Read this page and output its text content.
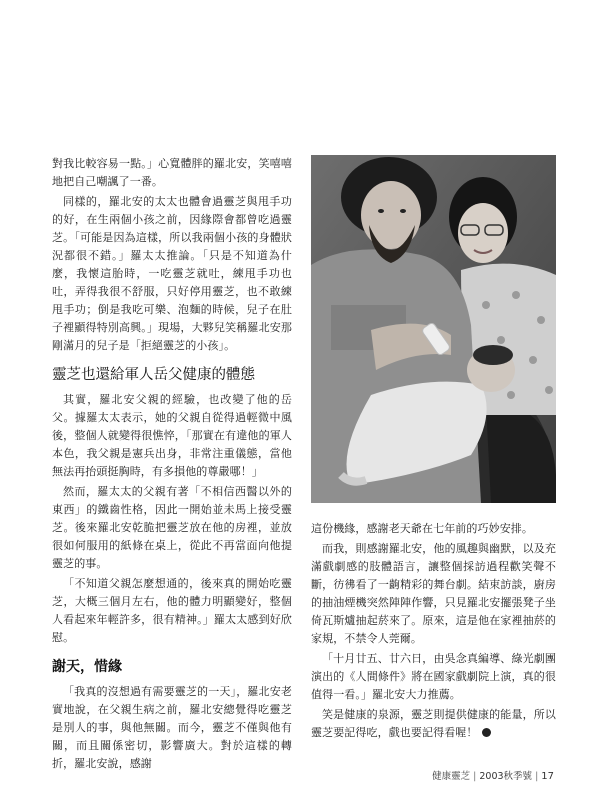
對我比較容易一點。」心寬體胖的羅北安，笑嘻嘻地把自己嘲諷了一番。

同樣的，羅北安的太太也體會過靈芝與甩手功的好，在生兩個小孩之前，因緣際會都曾吃過靈芝。「可能是因為這樣，所以我兩個小孩的身體狀況都很不錯。」羅太太推論。「只是不知道為什麼，我懷這胎時，一吃靈芝就吐，練甩手功也吐，弄得我很不舒服，只好停用靈芝，也不敢練甩手功；倒是我吃可樂、泡麵的時候，兒子在肚子裡顯得特別高興。」現場，大夥兒笑稱羅北安那剛滿月的兒子是「拒絕靈芝的小孩」。

靈芝也還給軍人岳父健康的體態

其實，羅北安父親的經驗，也改變了他的岳父。據羅太太表示，她的父親自從得過輕微中風後，整個人就變得很憔悴，「那實在有違他的軍人本色，我父親是憲兵出身，非常注重儀態，當他無法再抬頭挺胸時，有多損他的尊嚴哪！」

然而，羅太太的父親有著「不相信西醫以外的東西」的鐵齒性格，因此一開始並未馬上接受靈芝。後來羅北安乾脆把靈芝放在他的房裡，並放很如何服用的紙條在桌上，從此不再當面向他提靈芝的事。

「不知道父親怎麼想通的，後來真的開始吃靈芝，大概三個月左右，他的體力明顯變好，整個人看起來年輕許多，很有精神。」羅太太感到好欣慰。

謝天，惜緣

「我真的沒想過有需要靈芝的一天」，羅北安老實地說，在父親生病之前，羅北安總覺得吃靈芝是別人的事，與他無關。而今，靈芝不僅與他有關，而且關係密切，影響廣大。對於這樣的轉折，羅北安說，感謝

這份機緣，感謝老天爺在七年前的巧妙安排。

而我，則感謝羅北安，他的風趣與幽默，以及充滿戲劇感的肢體語言，讓整個採訪過程歡笑聲不斷，彷彿看了一齣精彩的舞台劇。結束訪談，廚房的抽油煙機突然陣陣作響，只見羅北安擺張凳子坐倚瓦斯爐抽起菸來了。原來，這是他在家裡抽菸的家規，不禁令人莞爾。

「十月廿五、廿六日，由吳念真編導、綠光劇團演出的《人間條件》將在國家戲劇院上演，真的很值得一看。」羅北安大力推薦。

笑是健康的泉源，靈芝則提供健康的能量，所以靈芝要記得吃，戲也要記得看喔！

健康靈芝 | 2003秋季號 | 17
